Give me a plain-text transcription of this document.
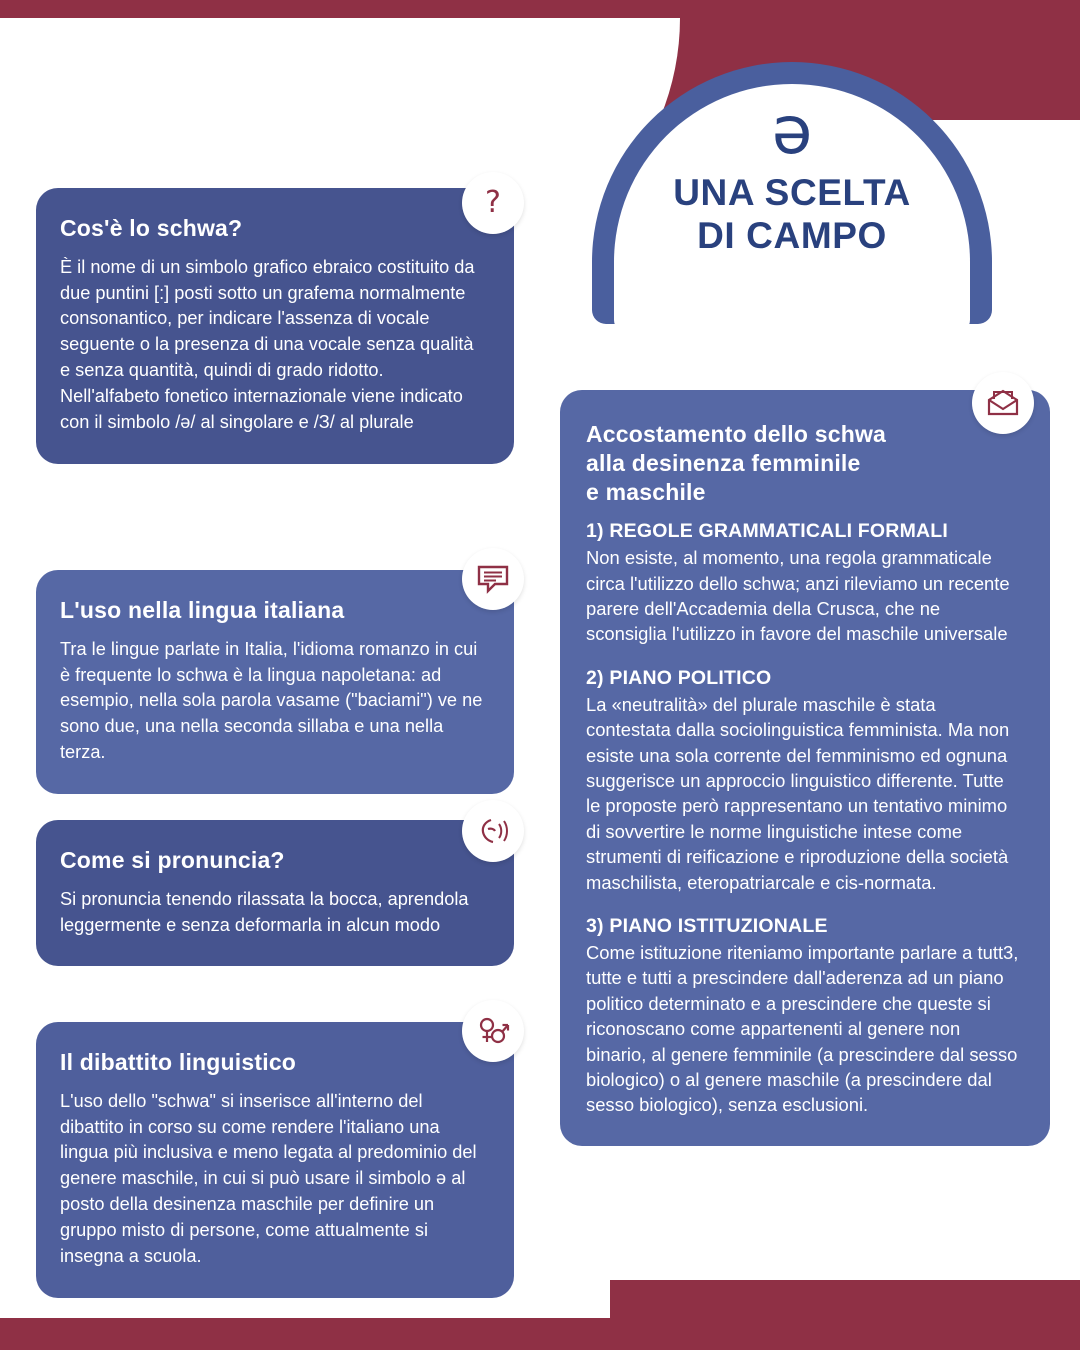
Ordine Psicologi
Regione Campania
ǝ
UNA SCELTA
DI CAMPO
Cos'è lo schwa?

È il nome di un simbolo grafico ebraico costituito da due puntini [:] posti sotto un grafema normalmente consonantico, per indicare l'assenza di vocale seguente o la presenza di una vocale senza qualità e senza quantità, quindi di grado ridotto. Nell'alfabeto fonetico internazionale viene indicato con il simbolo /ǝ/ al singolare e /З/ al plurale

?
L'uso nella lingua italiana

Tra le lingue parlate in Italia, l'idioma romanzo in cui è frequente lo schwa è la lingua napoletana: ad esempio, nella sola parola vasame ("baciami") ve ne sono due, una nella seconda sillaba e una nella terza.

Come si pronuncia?

Si pronuncia tenendo rilassata la bocca, aprendola leggermente e senza deformarla in alcun modo

Il dibattito linguistico

L'uso dello "schwa" si inserisce all'interno del dibattito in corso su come rendere l'italiano una lingua più inclusiva e meno legata al predominio del genere maschile, in cui si può usare il simbolo ǝ al posto della desinenza maschile per definire un gruppo misto di persone, come attualmente si insegna a scuola.

Accostamento dello schwa
alla desinenza femminile
e maschile
1) REGOLE GRAMMATICALI FORMALI

Non esiste, al momento, una regola grammaticale circa l'utilizzo dello schwa; anzi rileviamo un recente parere dell'Accademia della Crusca, che ne sconsiglia l'utilizzo in favore del maschile universale

2) PIANO POLITICO

La «neutralità» del plurale maschile è stata contestata dalla sociolinguistica femminista. Ma non esiste una sola corrente del femminismo ed ognuna suggerisce un approccio linguistico differente. Tutte le proposte però rappresentano un tentativo minimo di sovvertire le norme linguistiche intese come strumenti di reificazione e riproduzione della società maschilista, eteropatriarcale e cis-normata.

3) PIANO ISTITUZIONALE

Come istituzione riteniamo importante parlare a tutt3, tutte e tutti a prescindere dall'aderenza ad un piano politico determinato e a prescindere che queste si riconoscano come appartenenti al genere non binario, al genere femminile (a prescindere dal sesso biologico) o al genere maschile (a prescindere dal sesso biologico), senza esclusioni.
